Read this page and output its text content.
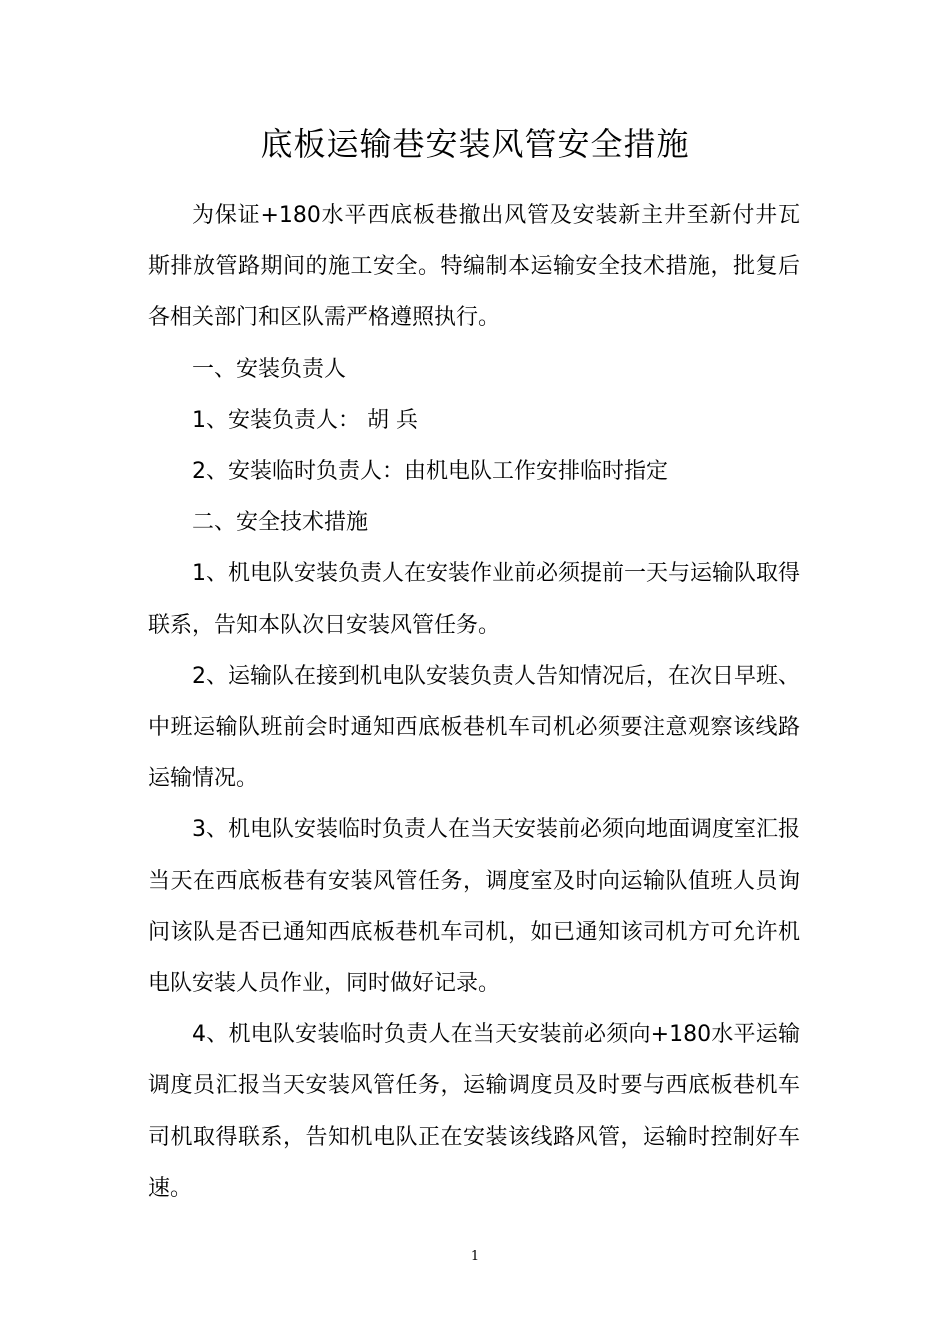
底板运输巷安装风管安全措施

为保证+180水平西底板巷撤出风管及安装新主井至新付井瓦斯排放管路期间的施工安全。特编制本运输安全技术措施，批复后各相关部门和区队需严格遵照执行。

一、安装负责人

1、安装负责人： 胡 兵

2、安装临时负责人：由机电队工作安排临时指定

二、安全技术措施

1、机电队安装负责人在安装作业前必须提前一天与运输队取得联系，告知本队次日安装风管任务。

2、运输队在接到机电队安装负责人告知情况后，在次日早班、中班运输队班前会时通知西底板巷机车司机必须要注意观察该线路运输情况。

3、机电队安装临时负责人在当天安装前必须向地面调度室汇报当天在西底板巷有安装风管任务，调度室及时向运输队值班人员询问该队是否已通知西底板巷机车司机，如已通知该司机方可允许机电队安装人员作业，同时做好记录。

4、机电队安装临时负责人在当天安装前必须向+180水平运输调度员汇报当天安装风管任务，运输调度员及时要与西底板巷机车司机取得联系，告知机电队正在安装该线路风管，运输时控制好车速。

1
